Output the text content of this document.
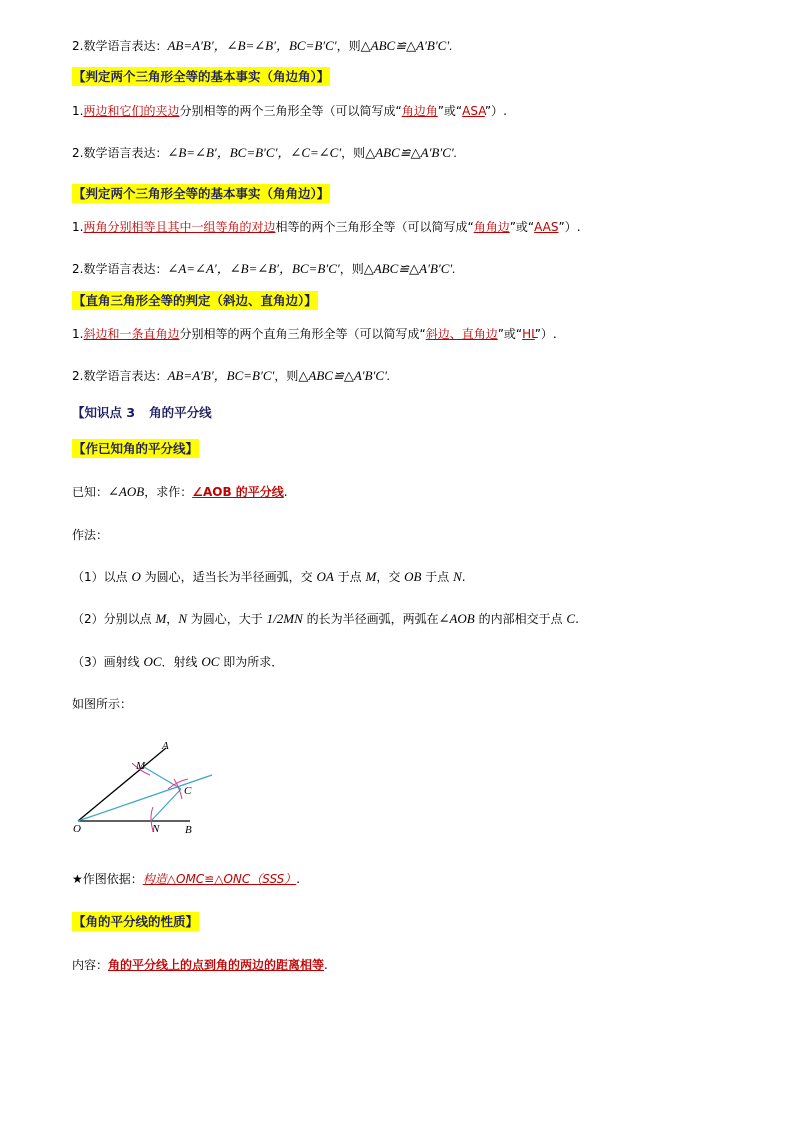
2.数学语言表达：AB=A′B′，∠B=∠B′，BC=B′C′，则△ABC≌△A′B′C′.
【判定两个三角形全等的基本事实（角边角）】
1.两边和它们的夹边分别相等的两个三角形全等（可以简写成“角边角”或“ASA”）.
2.数学语言表达：∠B=∠B′，BC=B′C′，∠C=∠C′，则△ABC≌△A′B′C′.
【判定两个三角形全等的基本事实（角角边）】
1.两角分别相等且其中一组等角的对边相等的两个三角形全等（可以简写成“角角边”或“AAS”）.
2.数学语言表达：∠A=∠A′，∠B=∠B′，BC=B′C′，则△ABC≌△A′B′C′.
【直角三角形全等的判定（斜边、直角边）】
1.斜边和一条直角边分别相等的两个直角三角形全等（可以简写成“斜边、直角边”或“HL”）.
2.数学语言表达：AB=A′B′，BC=B′C′，则△ABC≌△A′B′C′.
【知识点 3 角的平分线
【作已知角的平分线】
已知：∠AOB，求作：∠AOB 的平分线.
作法：
（1）以点 O 为圆心，适当长为半径画弧，交 OA 于点 M，交 OB 于点 N.
（2）分别以点 M，N 为圆心，大于 1/2MN 的长为半径画弧，两弧在∠AOB 的内部相交于点 C.
（3）画射线 OC．射线 OC 即为所求．
如图所示：
A
M
C
O	N B
★作图依据：构造△OMC≌△ONC（SSS）.
【角的平分线的性质】
内容：角的平分线上的点到角的两边的距离相等.
